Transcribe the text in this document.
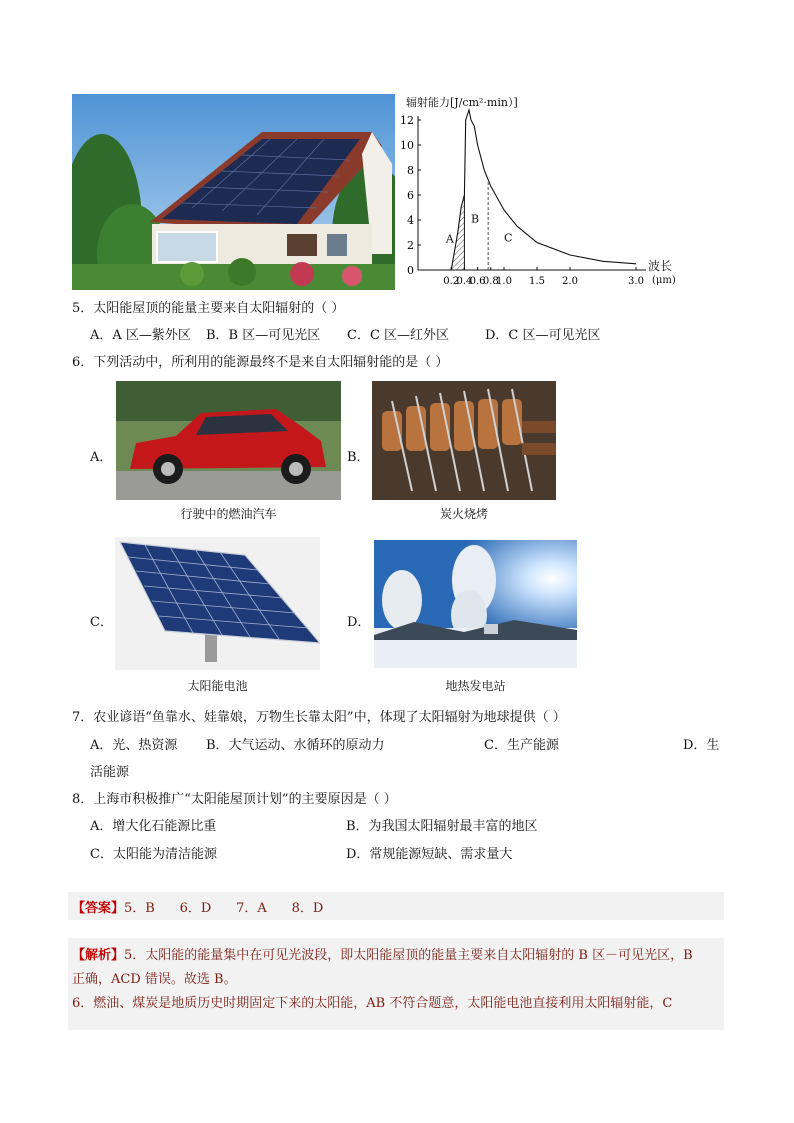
辐射能力[J/cm²·min）]
12
10
8
6
4
2
0
0.2
0.4
0.6
0.8
1.0 1.5 2.0	3.0
A
B
C
波长
(μm)
5．太阳能屋顶的能量主要来自太阳辐射的（ ）
A．A 区—紫外区 B．B 区—可见光区 C．C 区—红外区	D．C 区—可见光区
6．下列活动中，所利用的能源最终不是来自太阳辐射能的是（ ）
A．
行驶中的燃油汽车
B．
炭火烧烤
C．
太阳能电池
D．
地热发电站
7．农业谚语“鱼靠水、娃靠娘，万物生长靠太阳”中，体现了太阳辐射为地球提供（ ）
A．光、热资源 B．大气运动、水循环的原动力	C．生产能源	D．生
活能源
8．上海市积极推广“太阳能屋顶计划”的主要原因是（ ）
A．增大化石能源比重	B．为我国太阳辐射最丰富的地区
C．太阳能为清洁能源	D．常规能源短缺、需求量大
【答案】5．B      6．D      7．A      8．D
【解析】5．太阳能的能量集中在可见光波段，即太阳能屋顶的能量主要来自太阳辐射的 B 区－可见光区，B
正确，ACD 错误。故选 B。
6．燃油、煤炭是地质历史时期固定下来的太阳能，AB 不符合题意，太阳能电池直接利用太阳辐射能，C
